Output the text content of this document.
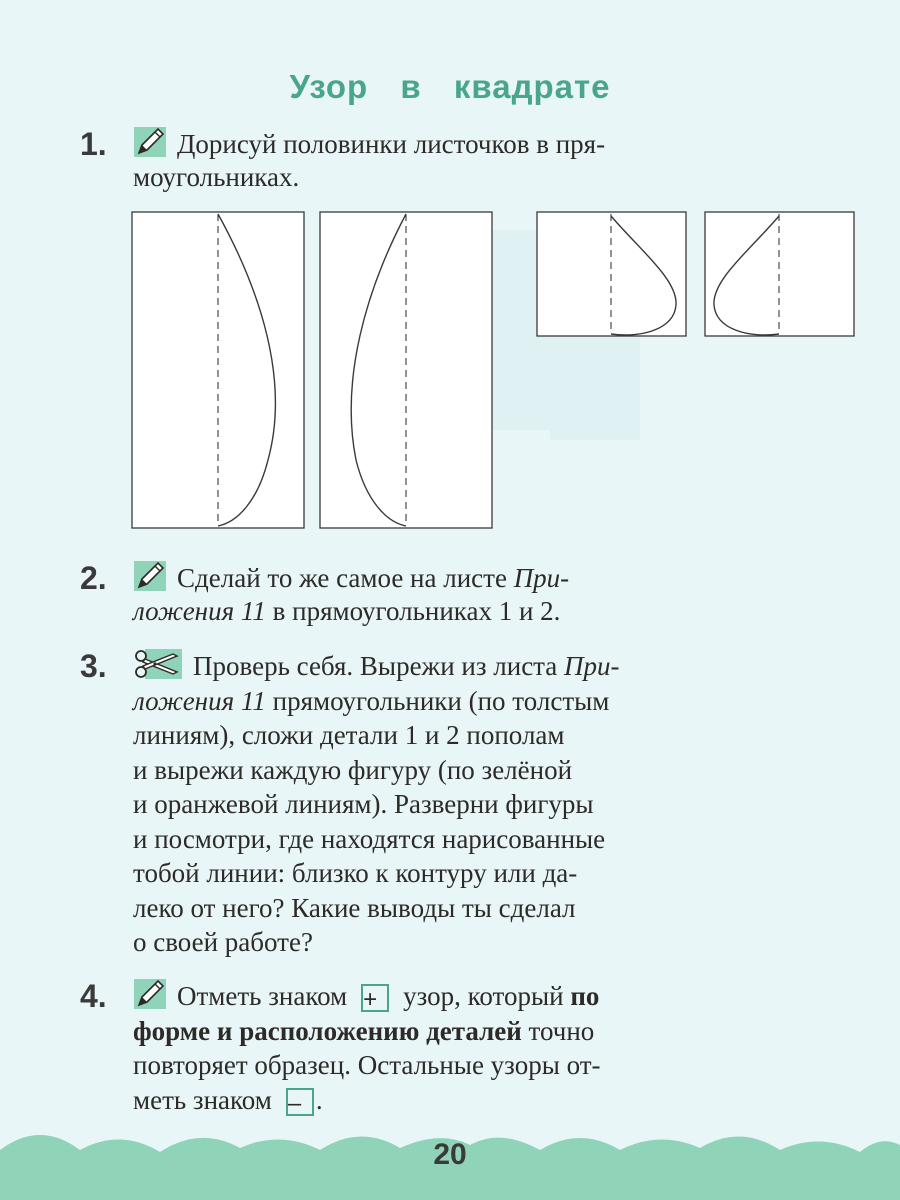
Узор в квадрате
1.	Дорисуй половинки листочков в пря-
моугольниках.
2.	Сделай то же самое на листе При-
ложения 11 в прямоугольниках 1 и 2.
3.	Проверь себя. Вырежи из листа При-
ложения 11 прямоугольники (по толстым
линиям), сложи детали 1 и 2 пополам
и вырежи каждую фигуру (по зелёной
и оранжевой линиям). Разверни фигуры
и посмотри, где находятся нарисованные
тобой линии: близко к контуру или да-
леко от него? Какие выводы ты сделал
о своей работе?
4.	Отметь знаком + узор, который по
форме и расположению деталей точно
повторяет образец. Остальные узоры от-
меть знаком – .
20
